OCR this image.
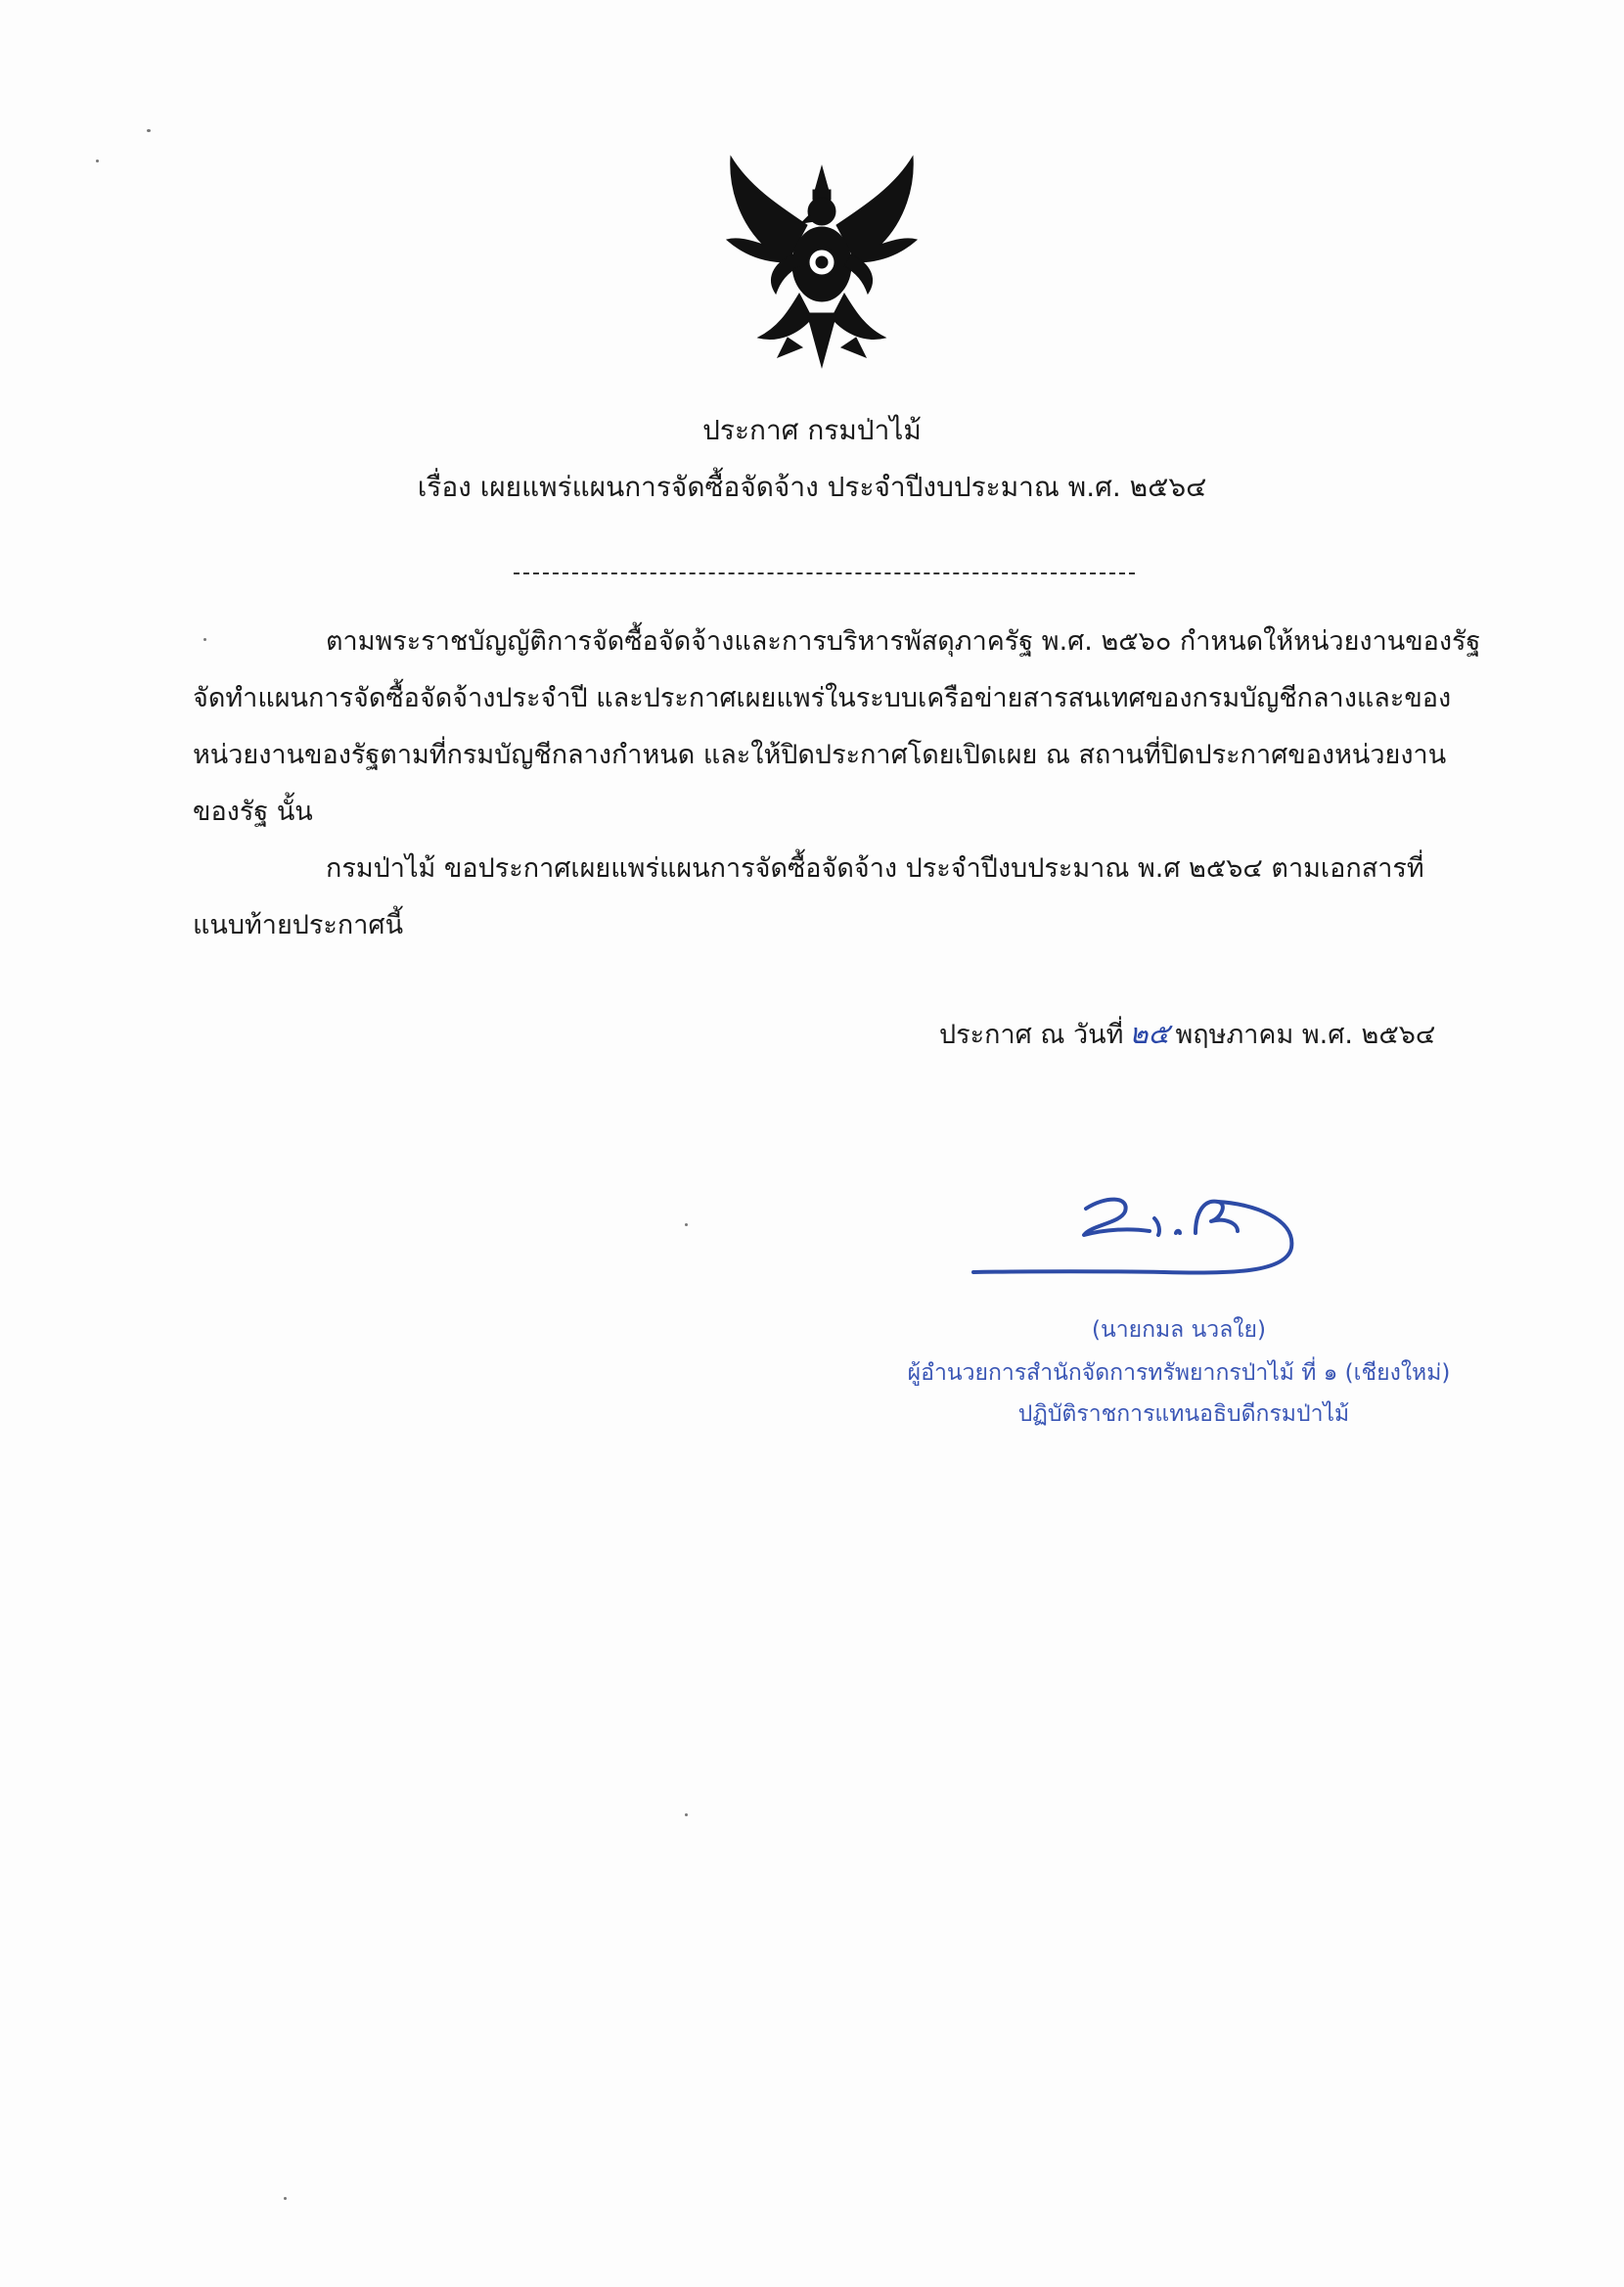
ประกาศ กรมป่าไม้
เรื่อง เผยแพร่แผนการจัดซื้อจัดจ้าง ประจำปีงบประมาณ พ.ศ. ๒๕๖๔
ตามพระราชบัญญัติการจัดซื้อจัดจ้างและการบริหารพัสดุภาครัฐ พ.ศ. ๒๕๖๐ กำหนดให้หน่วยงานของรัฐ
จัดทำแผนการจัดซื้อจัดจ้างประจำปี และประกาศเผยแพร่ในระบบเครือข่ายสารสนเทศของกรมบัญชีกลางและของ
หน่วยงานของรัฐตามที่กรมบัญชีกลางกำหนด และให้ปิดประกาศโดยเปิดเผย ณ สถานที่ปิดประกาศของหน่วยงาน
ของรัฐ นั้น
กรมป่าไม้ ขอประกาศเผยแพร่แผนการจัดซื้อจัดจ้าง ประจำปีงบประมาณ พ.ศ ๒๕๖๔ ตามเอกสารที่
แนบท้ายประกาศนี้
ประกาศ ณ วันที่ ๒๕ พฤษภาคม พ.ศ. ๒๕๖๔
(นายกมล นวลใย)
ผู้อำนวยการสำนักจัดการทรัพยากรป่าไม้ ที่ ๑ (เชียงใหม่)
ปฏิบัติราชการแทนอธิบดีกรมป่าไม้
